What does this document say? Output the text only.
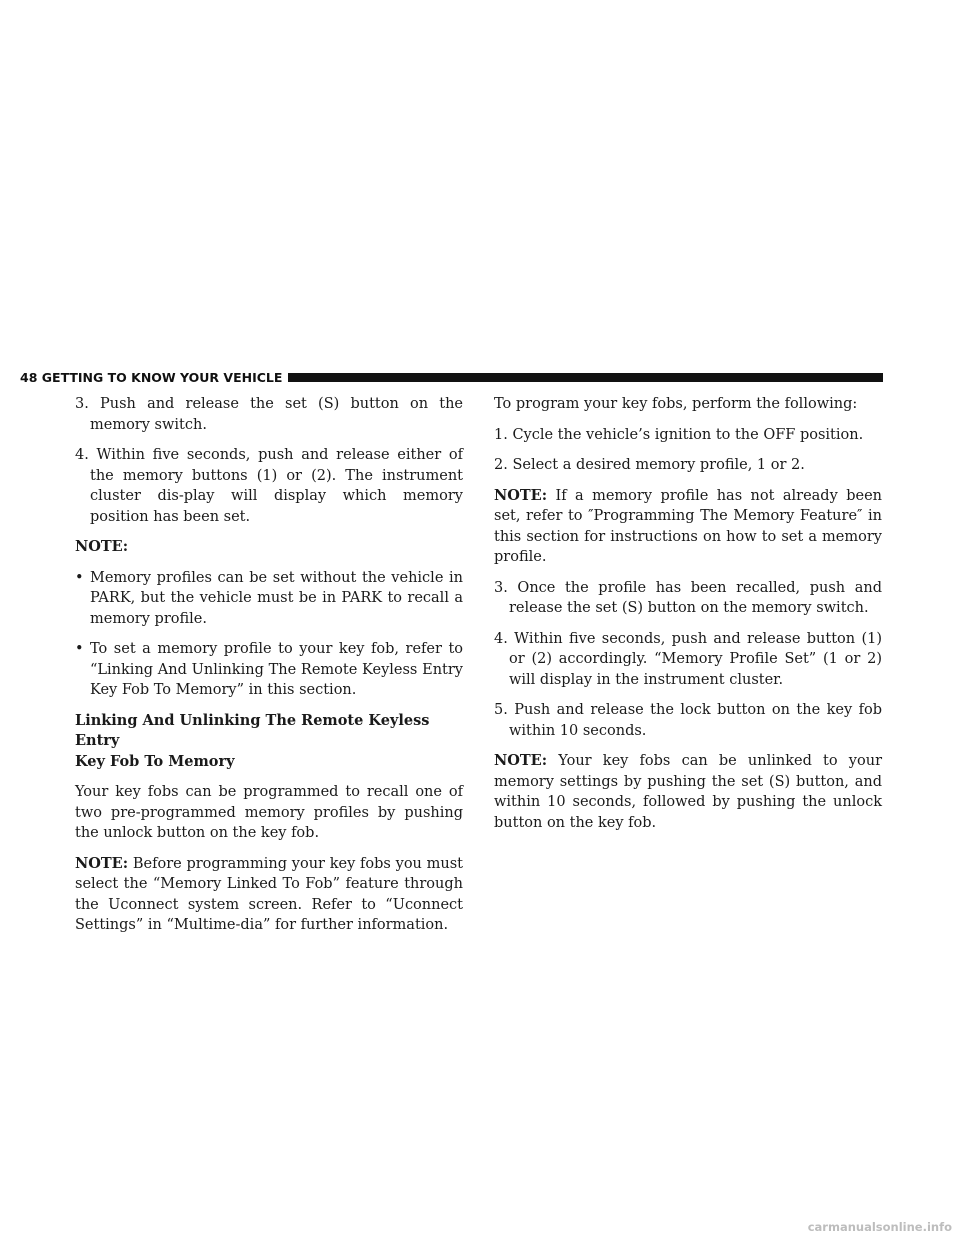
48 GETTING TO KNOW YOUR VEHICLE

3. Push and release the set (S) button on the memory switch.

4. Within five seconds, push and release either of the memory buttons (1) or (2). The instrument cluster dis-play will display which memory position has been set.

NOTE:

• Memory profiles can be set without the vehicle in PARK, but the vehicle must be in PARK to recall a memory profile.

• To set a memory profile to your key fob, refer to “Linking And Unlinking The Remote Keyless Entry Key Fob To Memory” in this section.

Linking And Unlinking The Remote Keyless Entry
Key Fob To Memory

Your key fobs can be programmed to recall one of two pre-programmed memory profiles by pushing the unlock button on the key fob.

NOTE: Before programming your key fobs you must select the “Memory Linked To Fob” feature through the Uconnect system screen. Refer to “Uconnect Settings” in “Multime-dia” for further information.

To program your key fobs, perform the following:

1. Cycle the vehicle’s ignition to the OFF position.

2. Select a desired memory profile, 1 or 2.

NOTE: If a memory profile has not already been set, refer to ″Programming The Memory Feature″ in this section for instructions on how to set a memory profile.

3. Once the profile has been recalled, push and release the set (S) button on the memory switch.

4. Within five seconds, push and release button (1) or (2) accordingly. “Memory Profile Set” (1 or 2) will display in the instrument cluster.

5. Push and release the lock button on the key fob within 10 seconds.

NOTE: Your key fobs can be unlinked to your memory settings by pushing the set (S) button, and within 10 seconds, followed by pushing the unlock button on the key fob.

carmanualsonline.info
